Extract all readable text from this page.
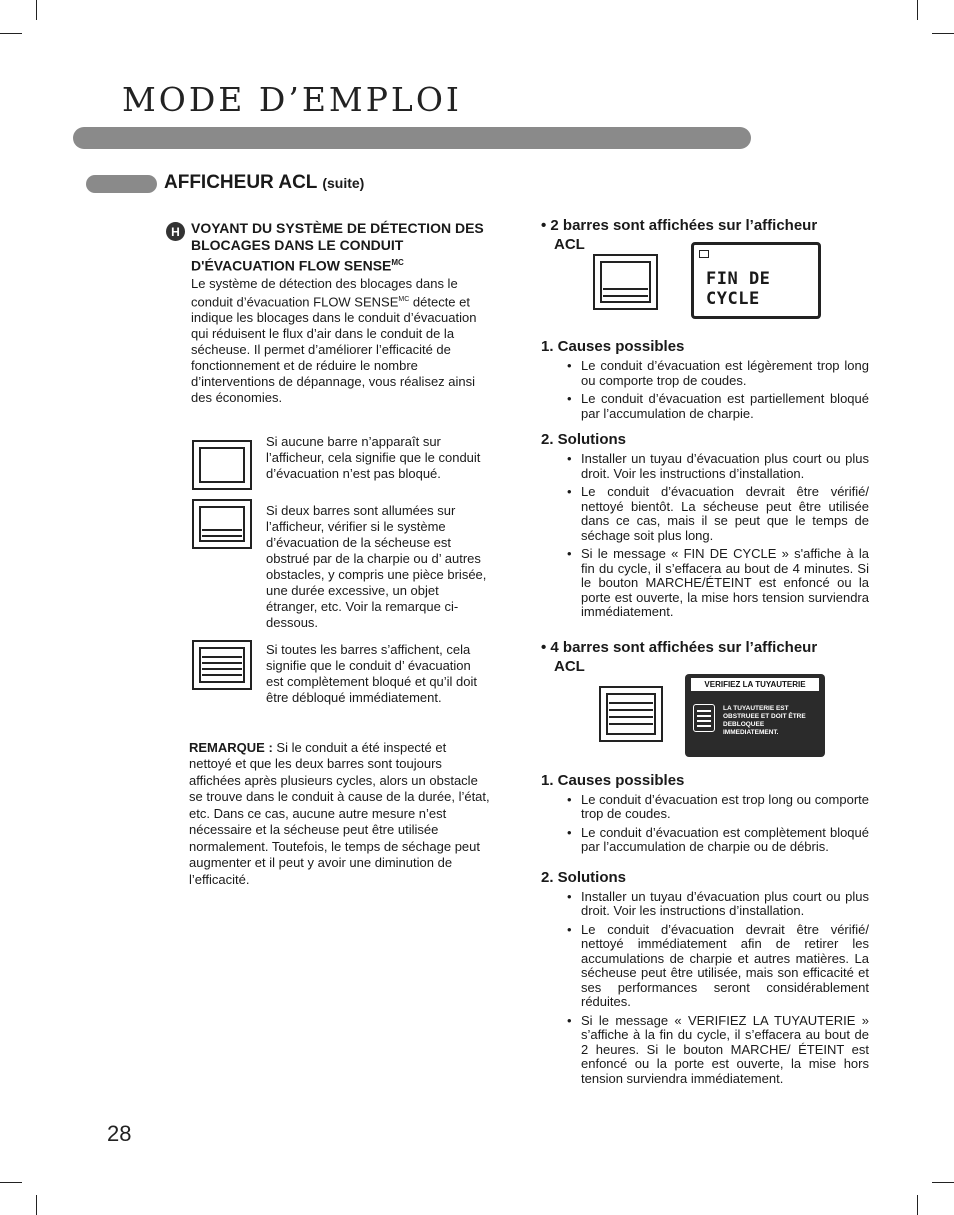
MODE D’EMPLOI
AFFICHEUR ACL (suite)
H VOYANT DU SYSTÈME DE DÉTECTION DES BLOCAGES DANS LE CONDUIT D'ÉVACUATION FLOW $SENSE^{MC}$

Le système de détection des blocages dans le conduit d’évacuation FLOW $SENSE^{MC}$ détecte et indique les blocages dans le conduit d’évacuation qui réduisent le flux d’air dans le conduit de la sécheuse. Il permet d’améliorer l’efficacité de fonctionnement et de réduire le nombre d’interventions de dépannage, vous réalisez ainsi des économies.

Si aucune barre n’apparaît sur l’afficheur, cela signifie que le conduit d’évacuation n’est pas bloqué.
Si deux barres sont allumées sur l’afficheur, vérifier si le système d’évacuation de la sécheuse est obstrué par de la charpie ou d’ autres obstacles, y compris une pièce brisée, une durée excessive, un objet étranger, etc. Voir la remarque ci-dessous.
Si toutes les barres s’affichent, cela signifie que le conduit d’ évacuation est complètement bloqué et qu’il doit être débloqué immédiatement.

REMARQUE : Si le conduit a été inspecté et nettoyé et que les deux barres sont toujours affichées après plusieurs cycles, alors un obstacle se trouve dans le conduit à cause de la durée, l’état, etc. Dans ce cas, aucune autre mesure n’est nécessaire et la sécheuse peut être utilisée normalement. Toutefois, le temps de séchage peut augmenter et il peut y avoir une diminution de l’efficacité.

• 2 barres sont affichées sur l’afficheur
ACL
FIN DE CYCLE
1. Causes possibles
• Le conduit d’évacuation est légèrement trop long ou comporte trop de coudes.
• Le conduit d’évacuation est partiellement bloqué par l’accumulation de charpie.
2. Solutions
• Installer un tuyau d’évacuation plus court ou plus droit. Voir les instructions d’installation.
• Le conduit d’évacuation devrait être vérifié/ nettoyé bientôt. La sécheuse peut être utilisée dans ce cas, mais il se peut que le temps de séchage soit plus long.
• Si le message « FIN DE CYCLE » s'affiche à la fin du cycle, il s’effacera au bout de 4 minutes. Si le bouton MARCHE/ÉTEINT est enfoncé ou la porte est ouverte, la mise hors tension surviendra immédiatement.
• 4 barres sont affichées sur l’afficheur
ACL
VERIFIEZ LA TUYAUTERIE
LA TUYAUTERIE EST OBSTRUEE ET DOIT ÊTRE DEBLOQUEE IMMEDIATEMENT.
1. Causes possibles
• Le conduit d’évacuation est trop long ou comporte trop de coudes.
• Le conduit d’évacuation est complètement bloqué par l’accumulation de charpie ou de débris.
2. Solutions
• Installer un tuyau d’évacuation plus court ou plus droit. Voir les instructions d’installation.
• Le conduit d’évacuation devrait être vérifié/ nettoyé immédiatement afin de retirer les accumulations de charpie et autres matières. La sécheuse peut être utilisée, mais son efficacité et ses performances seront considérablement réduites.
• Si le message « VERIFIEZ LA TUYAUTERIE » s’affiche à la fin du cycle, il s’effacera au bout de 2 heures. Si le bouton MARCHE/ ÉTEINT est enfoncé ou la porte est ouverte, la mise hors tension surviendra immédiatement.
28
